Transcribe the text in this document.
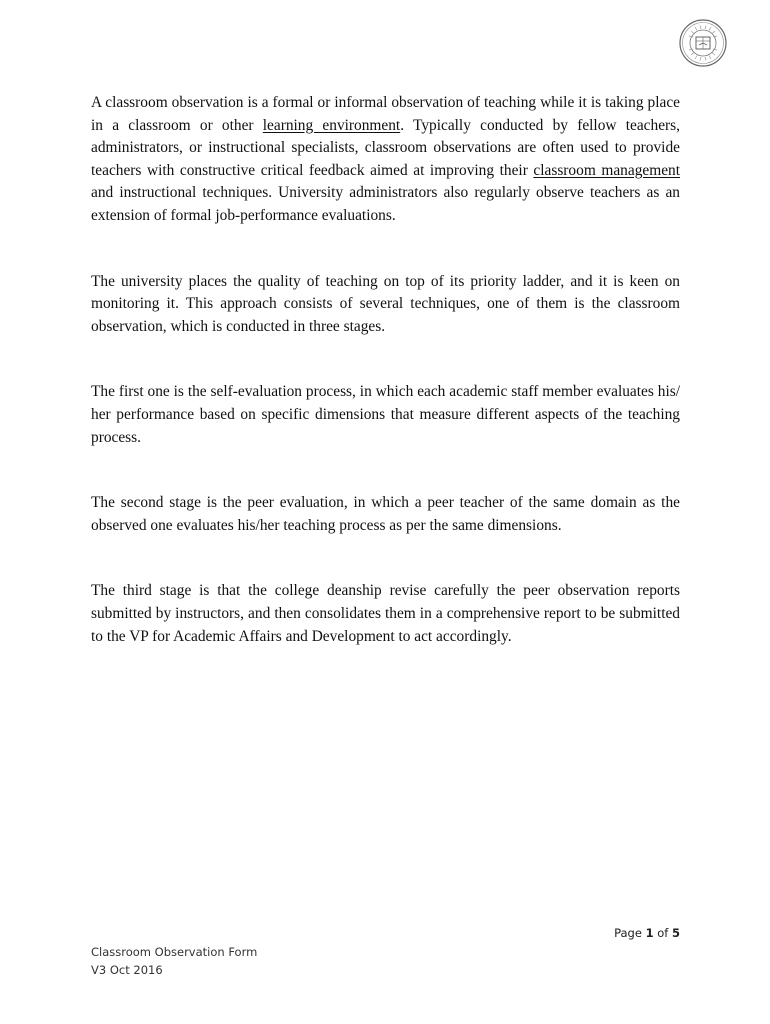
A classroom observation is a formal or informal observation of teaching while it is taking place in a classroom or other learning environment. Typically conducted by fellow teachers, administrators, or instructional specialists, classroom observations are often used to provide teachers with constructive critical feedback aimed at improving their classroom management and instructional techniques. University administrators also regularly observe teachers as an extension of formal job-performance evaluations.

The university places the quality of teaching on top of its priority ladder, and it is keen on monitoring it. This approach consists of several techniques, one of them is the classroom observation, which is conducted in three stages.

The first one is the self-evaluation process, in which each academic staff member evaluates his/ her performance based on specific dimensions that measure different aspects of the teaching process.

The second stage is the peer evaluation, in which a peer teacher of the same domain as the observed one evaluates his/her teaching process as per the same dimensions.

The third stage is that the college deanship revise carefully the peer observation reports submitted by instructors, and then consolidates them in a comprehensive report to be submitted to the VP for Academic Affairs and Development to act accordingly.

Page 1 of 5
Classroom Observation Form
V3 Oct 2016
